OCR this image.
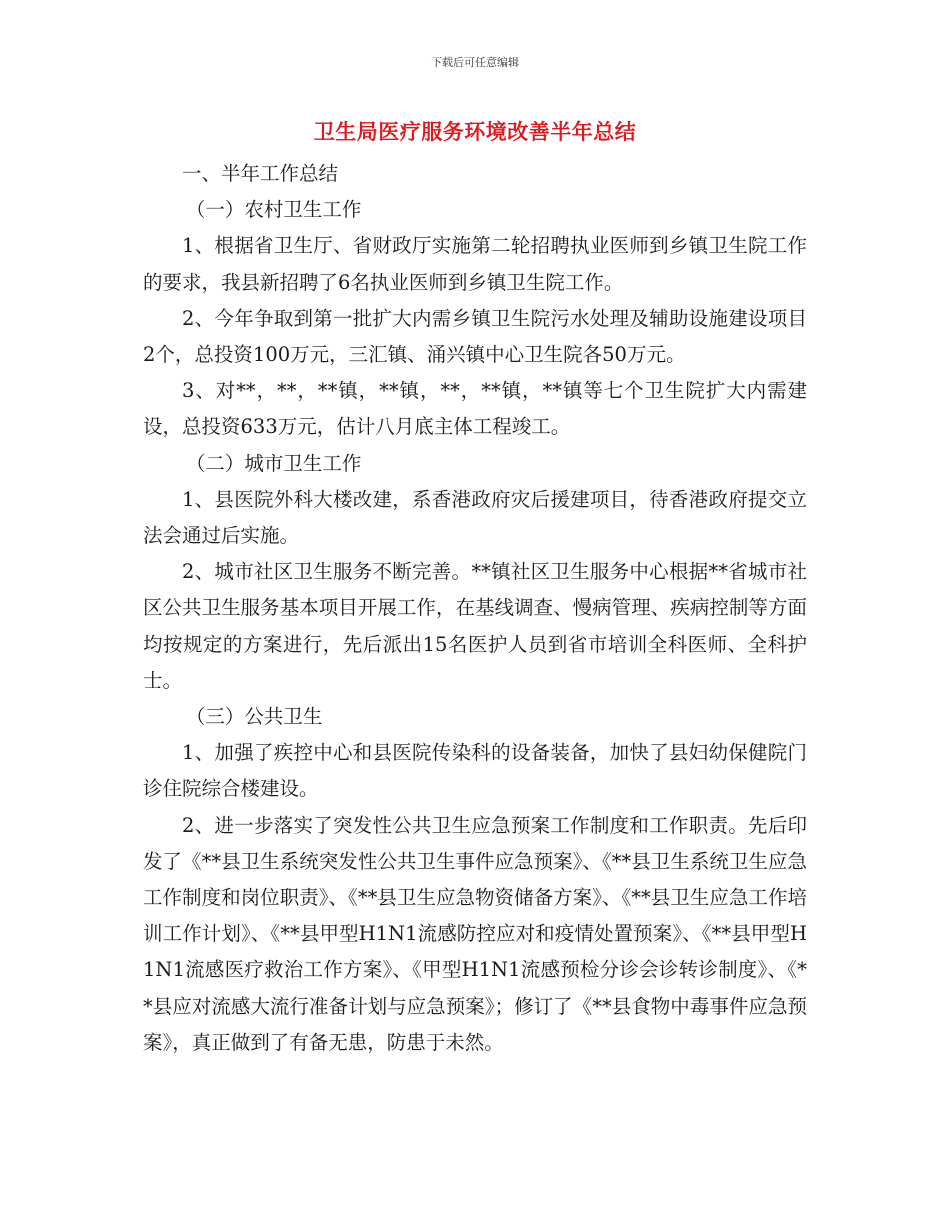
下载后可任意编辑
卫生局医疗服务环境改善半年总结

一、半年工作总结

（一）农村卫生工作

1、根据省卫生厅、省财政厅实施第二轮招聘执业医师到乡镇卫生院工作的要求，我县新招聘了6名执业医师到乡镇卫生院工作。

2、今年争取到第一批扩大内需乡镇卫生院污水处理及辅助设施建设项目2个，总投资100万元，三汇镇、涌兴镇中心卫生院各50万元。

3、对**，**，**镇，**镇，**，**镇，**镇等七个卫生院扩大内需建设，总投资633万元，估计八月底主体工程竣工。

（二）城市卫生工作

1、县医院外科大楼改建，系香港政府灾后援建项目，待香港政府提交立法会通过后实施。

2、城市社区卫生服务不断完善。**镇社区卫生服务中心根据**省城市社区公共卫生服务基本项目开展工作，在基线调查、慢病管理、疾病控制等方面均按规定的方案进行，先后派出15名医护人员到省市培训全科医师、全科护士。

（三）公共卫生

1、加强了疾控中心和县医院传染科的设备装备，加快了县妇幼保健院门诊住院综合楼建设。

2、进一步落实了突发性公共卫生应急预案工作制度和工作职责。先后印发了《**县卫生系统突发性公共卫生事件应急预案》、《**县卫生系统卫生应急工作制度和岗位职责》、《**县卫生应急物资储备方案》、《**县卫生应急工作培训工作计划》、《**县甲型H1N1流感防控应对和疫情处置预案》、《**县甲型H1N1流感医疗救治工作方案》、《甲型H1N1流感预检分诊会诊转诊制度》、《**县应对流感大流行准备计划与应急预案》；修订了《**县食物中毒事件应急预案》，真正做到了有备无患，防患于未然。
